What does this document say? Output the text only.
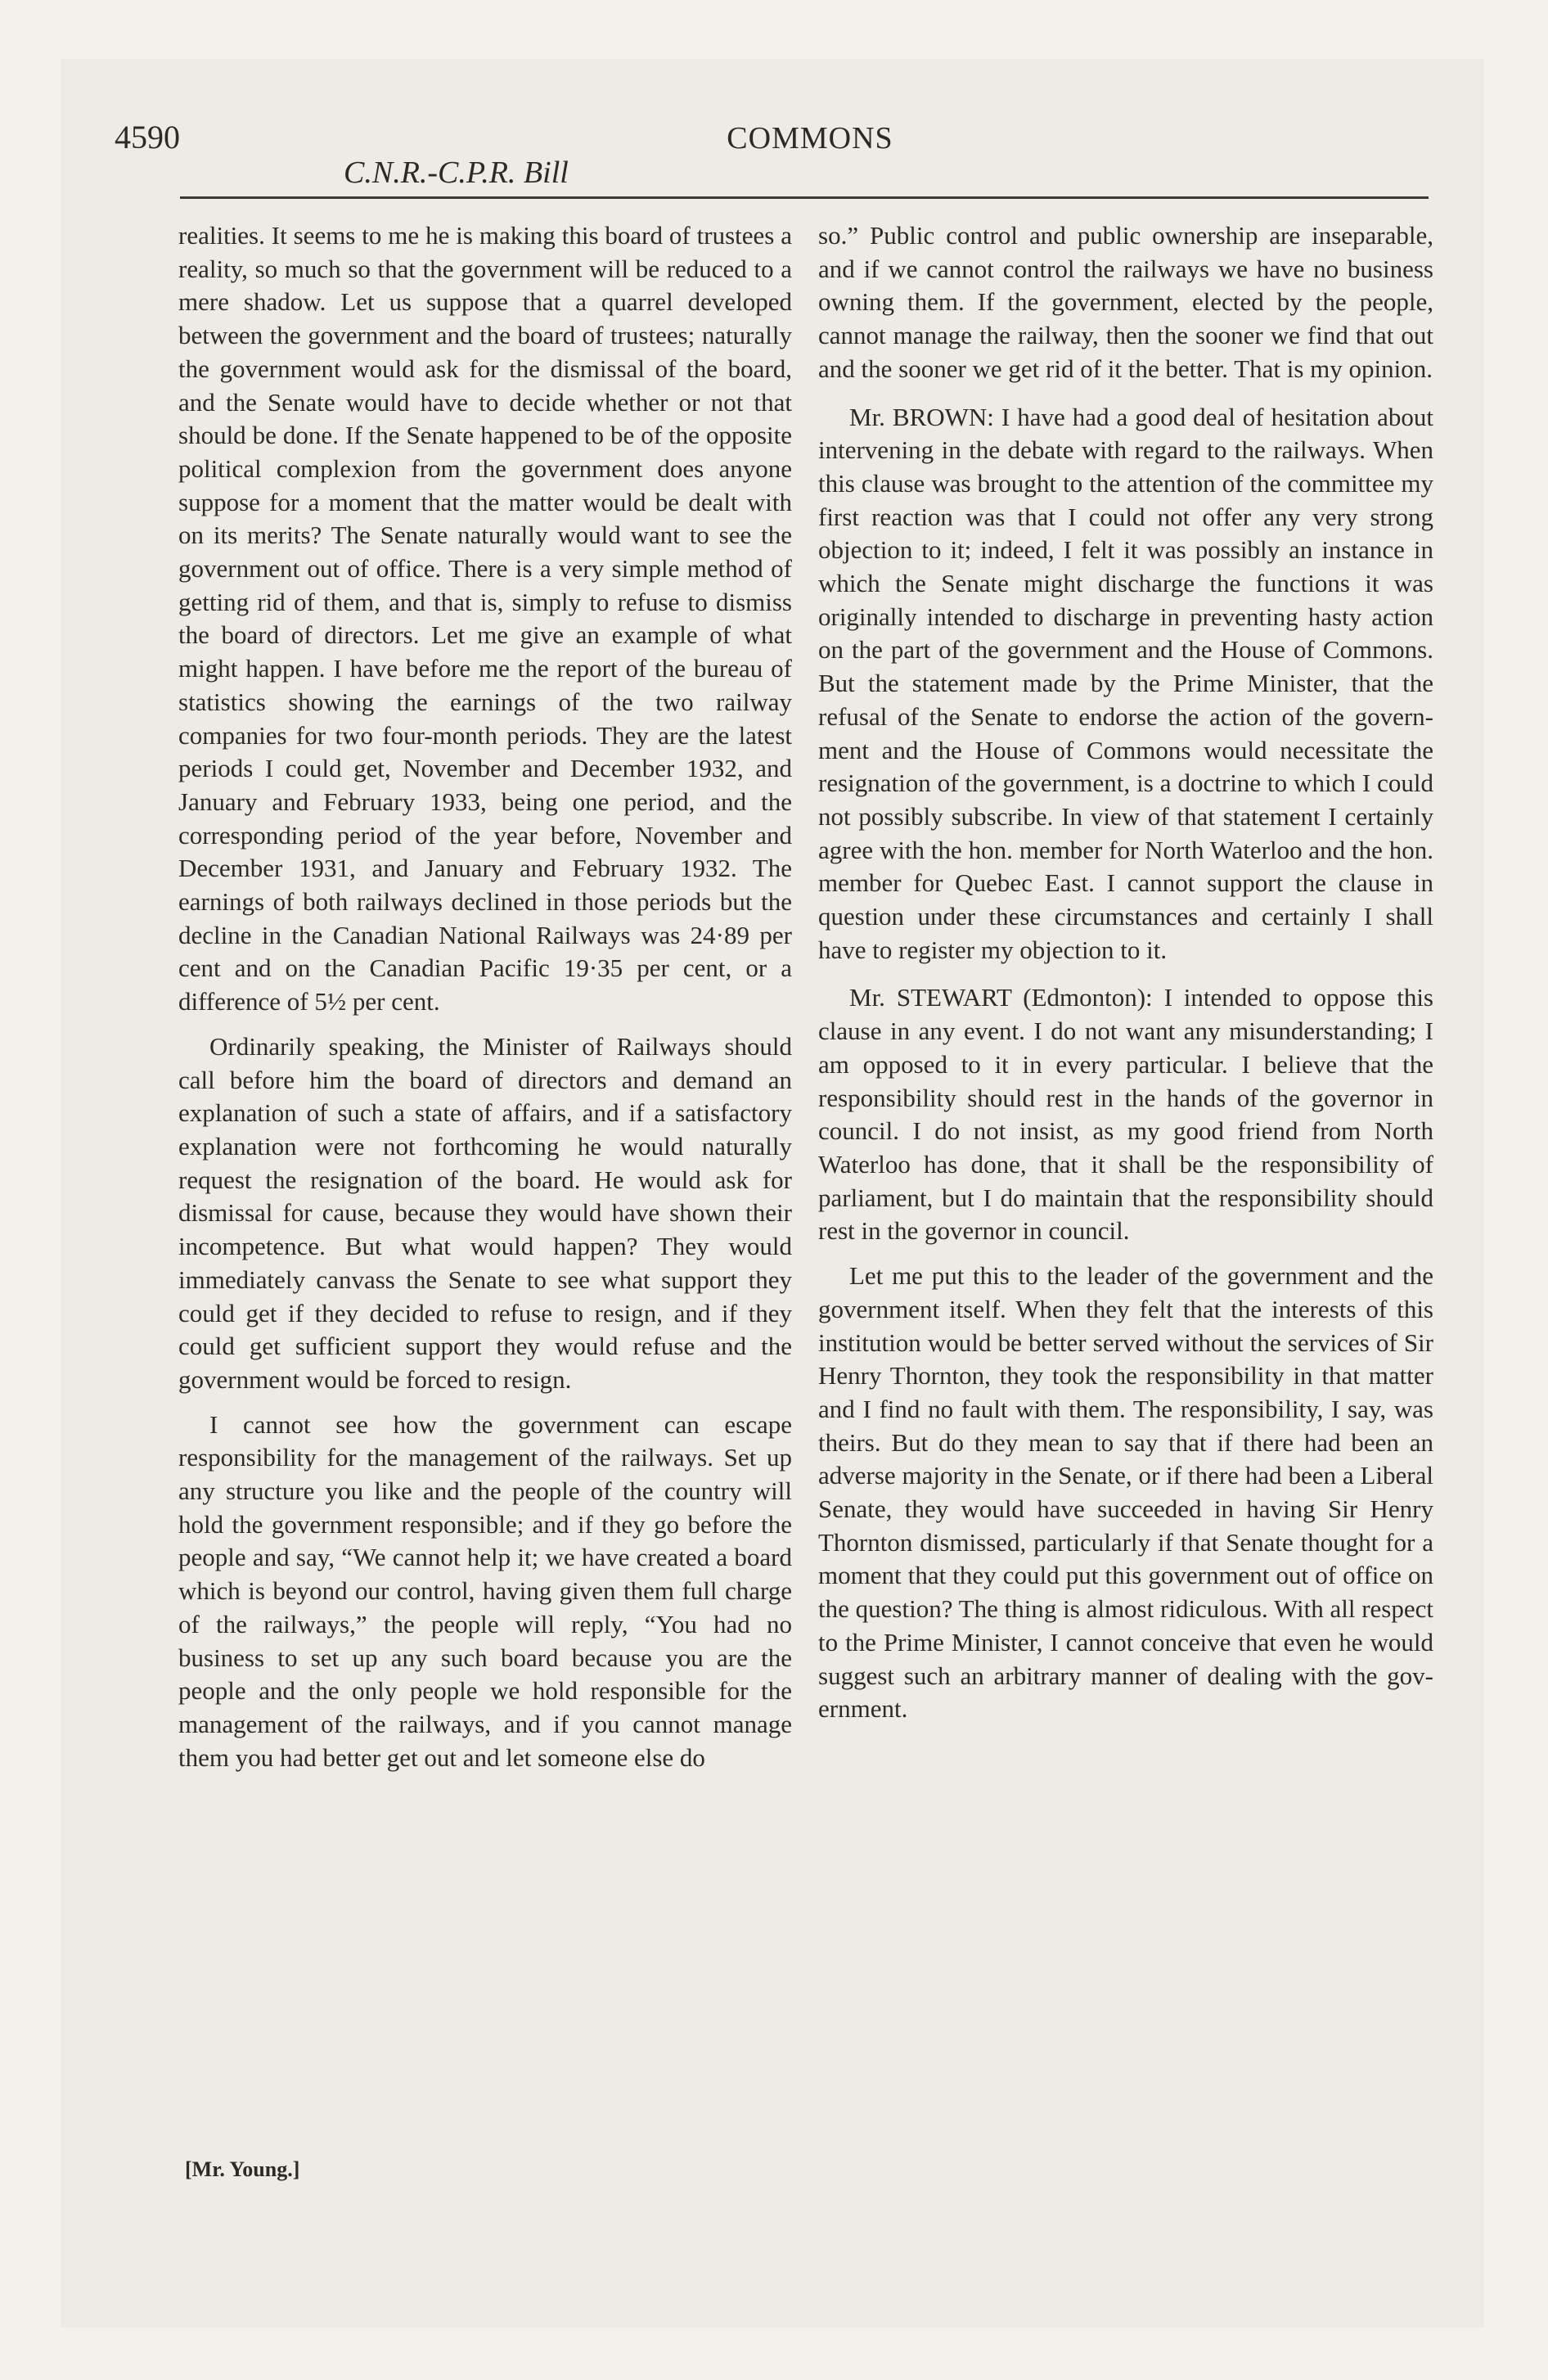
4590	COMMONS
C.N.R.-C.P.R. Bill

realities. It seems to me he is making this board of trustees a reality, so much so that the government will be reduced to a mere shadow. Let us suppose that a quarrel developed between the government and the board of trustees; naturally the government would ask for the dismissal of the board, and the Senate would have to decide whether or not that should be done. If the Senate happened to be of the opposite political complexion from the government does anyone suppose for a moment that the matter would be dealt with on its merits? The Senate naturally would want to see the government out of office. There is a very simple method of getting rid of them, and that is, simply to refuse to dismiss the board of directors. Let me give an example of what might happen. I have before me the report of the bureau of statistics showing the earnings of the two railway companies for two four-month periods. They are the latest periods I could get, November and December 1932, and January and February 1933, being one period, and the corresponding period of the year before, November and December 1931, and January and February 1932. The earnings of both railways declined in those periods but the decline in the Canadian National Railways was 24·89 per cent and on the Canadian Pacific 19·35 per cent, or a difference of 5½ per cent.

Ordinarily speaking, the Minister of Railways should call before him the board of directors and demand an explanation of such a state of affairs, and if a satisfactory explanation were not forthcoming he would naturally request the resignation of the board. He would ask for dismissal for cause, because they would have shown their incompetence. But what would happen? They would immediately canvass the Senate to see what support they could get if they decided to refuse to resign, and if they could get sufficient support they would refuse and the government would be forced to resign.

I cannot see how the government can escape responsibility for the management of the railways. Set up any structure you like and the people of the country will hold the government responsible; and if they go before the people and say, “We cannot help it; we have created a board which is beyond our control, having given them full charge of the railways,” the people will reply, “You had no business to set up any such board because you are the people and the only people we hold responsible for the management of the railways, and if you cannot manage them you had better get out and let someone else do

so.” Public control and public ownership are inseparable, and if we cannot control the railways we have no business owning them. If the government, elected by the people, cannot manage the railway, then the sooner we find that out and the sooner we get rid of it the better. That is my opinion.

Mr. BROWN: I have had a good deal of hesitation about intervening in the debate with regard to the railways. When this clause was brought to the attention of the committee my first reaction was that I could not offer any very strong objection to it; indeed, I felt it was possibly an instance in which the Senate might discharge the functions it was originally intended to discharge in preventing hasty action on the part of the government and the House of Commons. But the statement made by the Prime Minister, that the refusal of the Senate to endorse the action of the government and the House of Commons would necessitate the resignation of the government, is a doctrine to which I could not possibly subscribe. In view of that statement I certainly agree with the hon. member for North Waterloo and the hon. member for Quebec East. I cannot support the clause in question under these circumstances and certainly I shall have to register my objection to it.

Mr. STEWART (Edmonton): I intended to oppose this clause in any event. I do not want any misunderstanding; I am opposed to it in every particular. I believe that the responsibility should rest in the hands of the governor in council. I do not insist, as my good friend from North Waterloo has done, that it shall be the responsibility of parliament, but I do maintain that the responsibility should rest in the governor in council.

Let me put this to the leader of the government and the government itself. When they felt that the interests of this institution would be better served without the services of Sir Henry Thornton, they took the responsibility in that matter and I find no fault with them. The responsibility, I say, was theirs. But do they mean to say that if there had been an adverse majority in the Senate, or if there had been a Liberal Senate, they would have succeeded in having Sir Henry Thornton dismissed, particularly if that Senate thought for a moment that they could put this government out of office on the question? The thing is almost ridiculous. With all respect to the Prime Minister, I cannot conceive that even he would suggest such an arbitrary manner of dealing with the government.

[Mr. Young.]
